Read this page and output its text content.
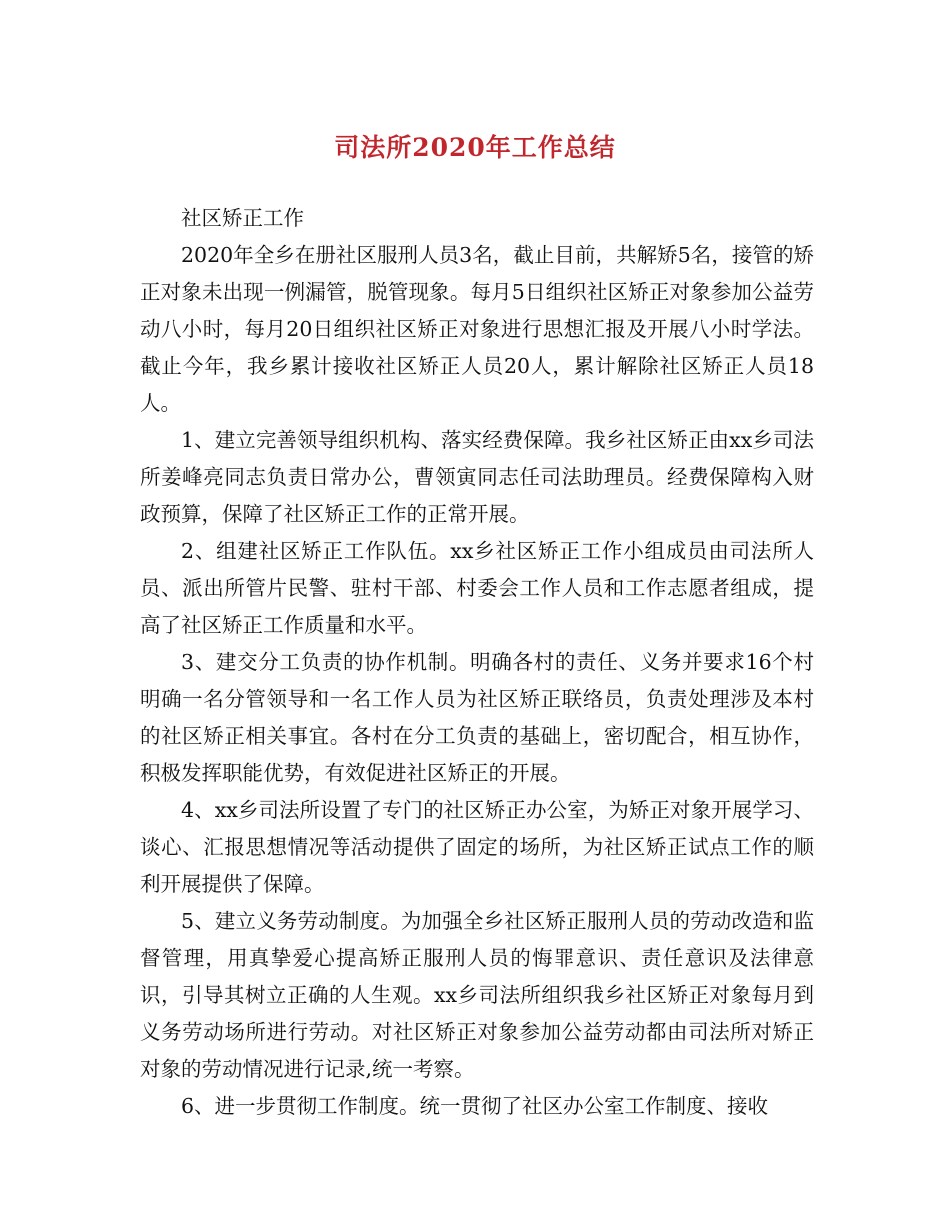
司法所2020年工作总结

社区矫正工作

2020年全乡在册社区服刑人员3名，截止目前，共解矫5名，接管的矫正对象未出现一例漏管，脱管现象。每月5日组织社区矫正对象参加公益劳动八小时，每月20日组织社区矫正对象进行思想汇报及开展八小时学法。截止今年，我乡累计接收社区矫正人员20人，累计解除社区矫正人员18人。

1、建立完善领导组织机构、落实经费保障。我乡社区矫正由xx乡司法所姜峰亮同志负责日常办公，曹领寅同志任司法助理员。经费保障构入财政预算，保障了社区矫正工作的正常开展。

2、组建社区矫正工作队伍。xx乡社区矫正工作小组成员由司法所人员、派出所管片民警、驻村干部、村委会工作人员和工作志愿者组成，提高了社区矫正工作质量和水平。

3、建交分工负责的协作机制。明确各村的责任、义务并要求16个村明确一名分管领导和一名工作人员为社区矫正联络员，负责处理涉及本村的社区矫正相关事宜。各村在分工负责的基础上，密切配合，相互协作，积极发挥职能优势，有效促进社区矫正的开展。

4、xx乡司法所设置了专门的社区矫正办公室，为矫正对象开展学习、谈心、汇报思想情况等活动提供了固定的场所，为社区矫正试点工作的顺利开展提供了保障。

5、建立义务劳动制度。为加强全乡社区矫正服刑人员的劳动改造和监督管理，用真挚爱心提高矫正服刑人员的悔罪意识、责任意识及法律意识，引导其树立正确的人生观。xx乡司法所组织我乡社区矫正对象每月到义务劳动场所进行劳动。对社区矫正对象参加公益劳动都由司法所对矫正对象的劳动情况进行记录,统一考察。

6、进一步贯彻工作制度。统一贯彻了社区办公室工作制度、接收
